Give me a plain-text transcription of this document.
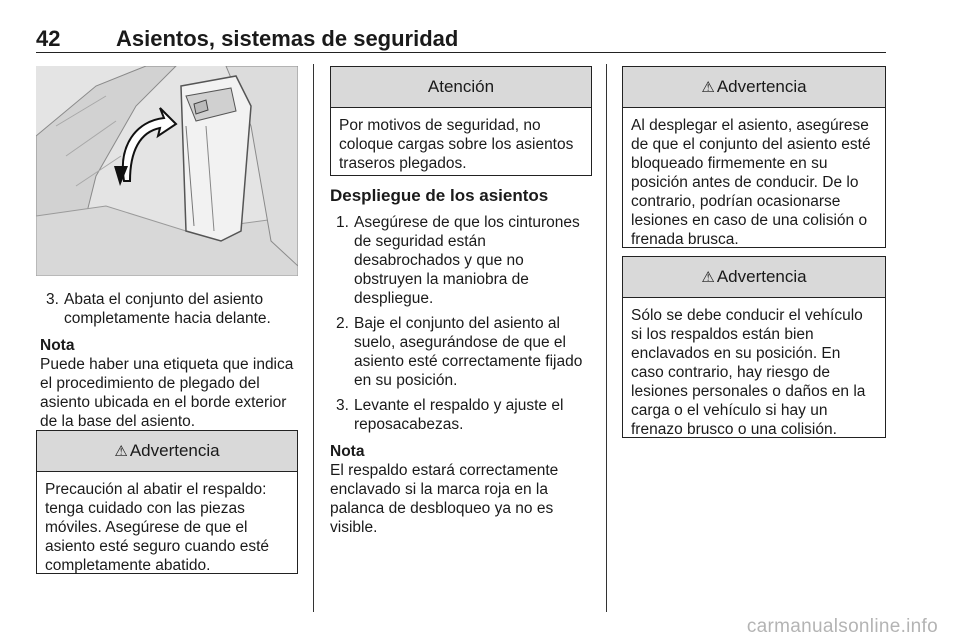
42	Asientos, sistemas de seguridad
3. Abata el conjunto del asiento completamente hacia delante.
Nota
Puede haber una etiqueta que indica el procedimiento de plegado del asiento ubicada en el borde exterior de la base del asiento.
⚠ Advertencia
Precaución al abatir el respaldo: tenga cuidado con las piezas móviles. Asegúrese de que el asiento esté seguro cuando esté completamente abatido.
Atención
Por motivos de seguridad, no coloque cargas sobre los asientos traseros plegados.
Despliegue de los asientos
1. Asegúrese de que los cinturones de seguridad están desabrochados y que no obstruyen la maniobra de despliegue.
2. Baje el conjunto del asiento al suelo, asegurándose de que el asiento esté correctamente fijado en su posición.
3. Levante el respaldo y ajuste el reposacabezas.
Nota
El respaldo estará correctamente enclavado si la marca roja en la palanca de desbloqueo ya no es visible.
⚠ Advertencia
Al desplegar el asiento, asegúrese de que el conjunto del asiento esté bloqueado firmemente en su posición antes de conducir. De lo contrario, podrían ocasionarse lesiones en caso de una colisión o frenada brusca.
⚠ Advertencia
Sólo se debe conducir el vehículo si los respaldos están bien enclavados en su posición. En caso contrario, hay riesgo de lesiones personales o daños en la carga o el vehículo si hay un frenazo brusco o una colisión.
carmanualsonline.info
